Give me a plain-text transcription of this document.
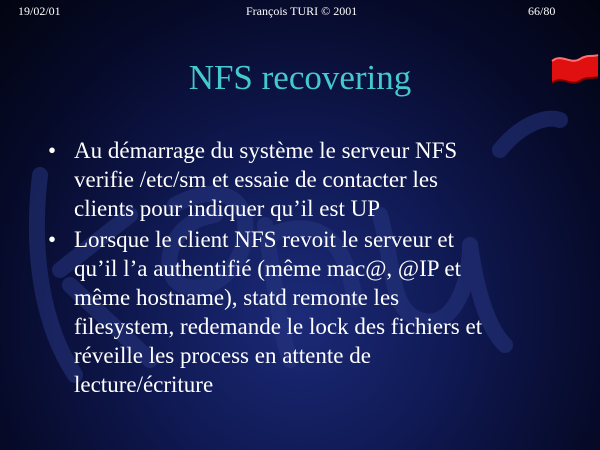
19/02/01	François TURI © 2001	66/80
NFS recovering
• Au démarrage du système le serveur NFS
verifie /etc/sm et essaie de contacter les
clients pour indiquer qu’il est UP
• Lorsque le client NFS revoit le serveur et
qu’il l’a authentifié (même mac@, @IP et
même hostname), statd remonte les
filesystem, redemande le lock des fichiers et
réveille les process en attente de
lecture/écriture
